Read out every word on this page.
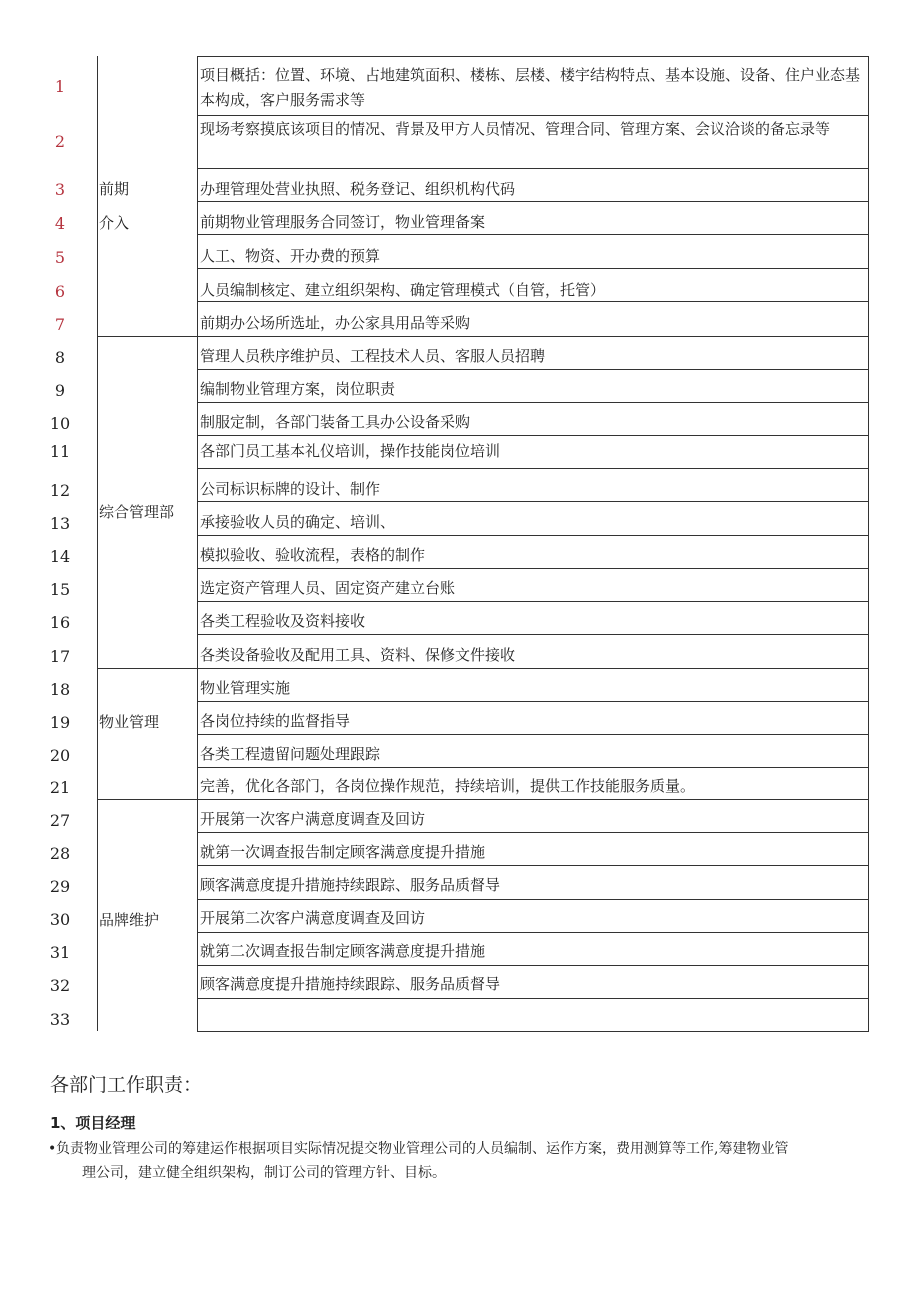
1
2
3
4
5
6
7
8
9
10
11
12
13
14
15
16
17
18
19
20
21
27
28
29
30
31
32
33
前期
介入
综合管理部
物业管理
品牌维护
项目概括：位置、环境、占地建筑面积、楼栋、层楼、楼宇结构特点、基本设施、设备、住户业态基本构成，客户服务需求等
现场考察摸底该项目的情况、背景及甲方人员情况、管理合同、管理方案、会议洽谈的备忘录等
办理管理处营业执照、税务登记、组织机构代码
前期物业管理服务合同签订，物业管理备案
人工、物资、开办费的预算
人员编制核定、建立组织架构、确定管理模式（自管，托管）
前期办公场所选址，办公家具用品等采购
管理人员秩序维护员、工程技术人员、客服人员招聘
编制物业管理方案，岗位职责
制服定制，各部门装备工具办公设备采购
各部门员工基本礼仪培训，操作技能岗位培训
公司标识标牌的设计、制作
承接验收人员的确定、培训、
模拟验收、验收流程，表格的制作
选定资产管理人员、固定资产建立台账
各类工程验收及资料接收
各类设备验收及配用工具、资料、保修文件接收
物业管理实施
各岗位持续的监督指导
各类工程遗留问题处理跟踪
完善，优化各部门，各岗位操作规范，持续培训，提供工作技能服务质量。
开展第一次客户满意度调查及回访
就第一次调查报告制定顾客满意度提升措施
顾客满意度提升措施持续跟踪、服务品质督导
开展第二次客户满意度调查及回访
就第二次调查报告制定顾客满意度提升措施
顾客满意度提升措施持续跟踪、服务品质督导
各部门工作职责：
1、项目经理
• 负责物业管理公司的筹建运作根据项目实际情况提交物业管理公司的人员编制、运作方案，费用测算等工作,筹建物业管
理公司，建立健全组织架构，制订公司的管理方针、目标。
